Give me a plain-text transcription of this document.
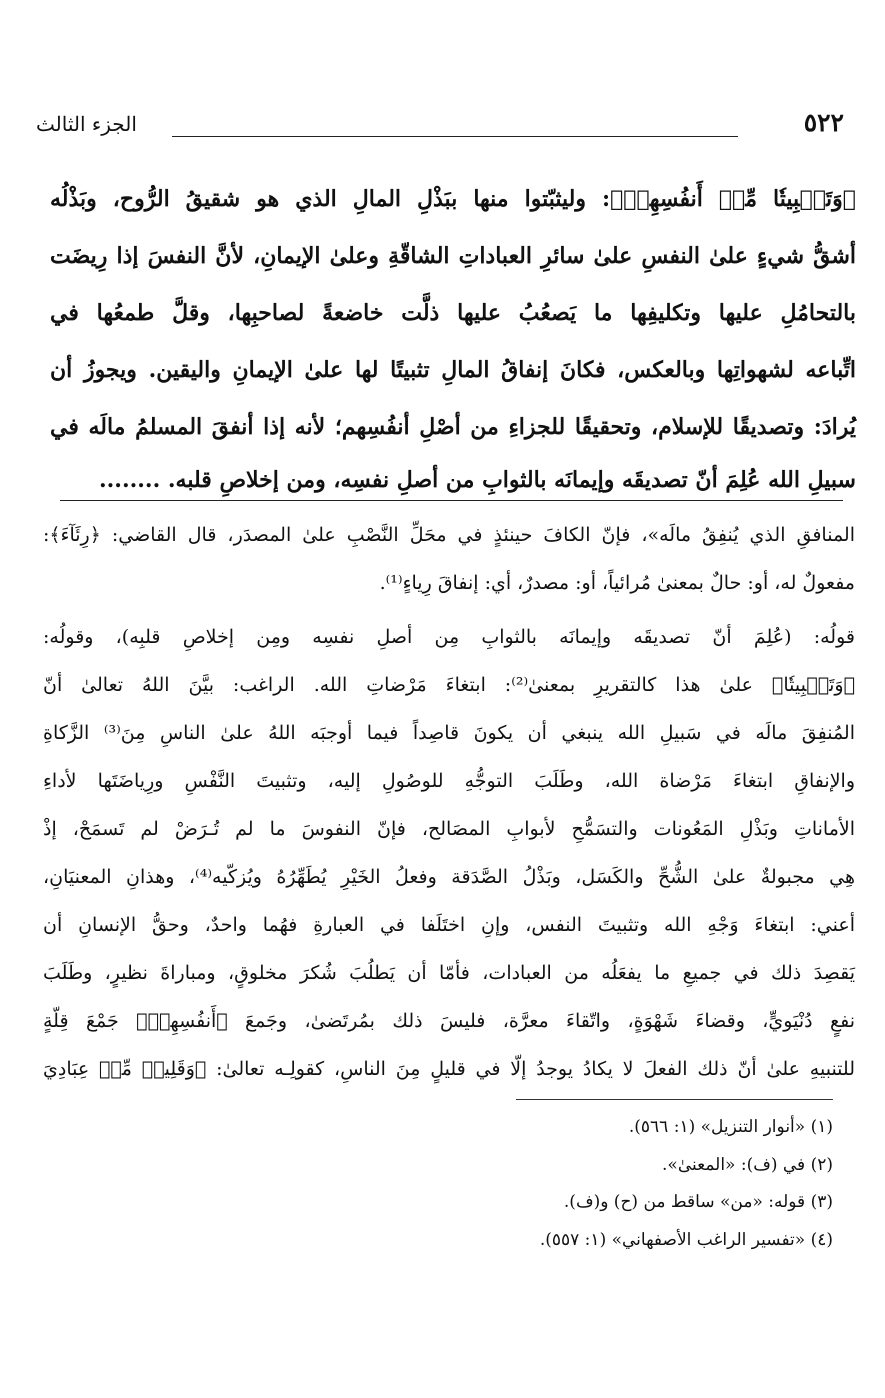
٥٢٢
الجزء الثالث
﴿وَتَثۡبِيتٗا مِّنۡ أَنفُسِهِمۡ﴾: وليثبّتوا منها ببَذْلِ المالِ الذي هو شقيقُ الرُّوح، وبَذْلُه
أشقُّ شيءٍ علىٰ النفسِ علىٰ سائرِ العباداتِ الشاقّةِ وعلىٰ الإيمانِ، لأنَّ النفسَ إذا رِيضَت
بالتحامُلِ عليها وتكليفِها ما يَصعُبُ عليها ذلَّت خاضعةً لصاحبِها، وقلَّ طمعُها في
اتِّباعه لشهواتِها وبالعكس، فكانَ إنفاقُ المالِ تثبيتًا لها علىٰ الإيمانِ واليقين. ويجوزُ أن
يُرادَ: وتصديقًا للإسلام، وتحقيقًا للجزاءِ من أصْلِ أنفُسِهم؛ لأنه إذا أنفقَ المسلمُ مالَه في
سبيلِ الله عُلِمَ أنّ تصديقَه وإيمانَه بالثوابِ من أصلِ نفسِه، ومن إخلاصِ قلبه. ........
المنافقِ الذي يُنفِقُ مالَه»، فإنّ الكافَ حينئذٍ في محَلِّ النَّصْبِ علىٰ المصدَر، قال القاضي: ﴿رِئَآءَ﴾:
مفعولٌ له، أو: حالٌ بمعنىٰ مُرائياً، أو: مصدرٌ، أي: إنفاقَ رِياءٍ⁽¹⁾.
قولُه: (عُلِمَ أنّ تصديقَه وإيمانَه بالثوابِ مِن أصلِ نفسِه ومِن إخلاصِ قلبِه)، وقولُه:
﴿وَتَثۡبِيتٗا﴾ علىٰ هذا كالتقريرِ بمعنىٰ⁽²⁾: ابتغاءَ مَرْضاتِ الله. الراغب: بيَّنَ اللهُ تعالىٰ أنّ
المُنفِقَ مالَه في سَبيلِ الله ينبغي أن يكونَ قاصِداً فيما أوجبَه اللهُ علىٰ الناسِ مِنَ⁽³⁾ الزَّكاةِ
والإنفاقِ ابتغاءَ مَرْضاة الله، وطَلَبَ التوجُّهِ للوصُولِ إليه، وتثبيتَ النَّفْسِ ورِياضَتَها لأداءِ
الأماناتِ وبَذْلِ المَعُونات والتسَمُّحِ لأبوابِ المصَالح، فإنّ النفوسَ ما لم تُـرَضْ لم تَسمَحْ، إذْ
هِي مجبولةٌ علىٰ الشُّحِّ والكَسَل، وبَذْلُ الصَّدَقة وفعلُ الخَيْرِ يُطَهِّرُهُ ويُزكّيه⁽⁴⁾، وهذانِ المعنيَانِ،
أعني: ابتغاءَ وَجْهِ الله وتثبيتَ النفس، وإنِ اختَلَفا في العبارةِ فهُما واحدٌ، وحقُّ الإنسانِ أن
يَقصِدَ ذلك في جميعِ ما يفعَلُه من العبادات، فأمّا أن يَطلُبَ شُكرَ مخلوقٍ، ومباراةَ نظيرٍ، وطَلَبَ
نفعٍ دُنْيَويٍّ، وقضاءَ شَهْوَةٍ، واتّقاءَ معرَّة، فليسَ ذلك بمُرتَضىٰ، وجَمعَ ﴿أَنفُسِهِمۡ﴾ جَمْعَ قِلّةٍ
للتنبيهِ علىٰ أنّ ذلك الفعلَ لا يكادُ يوجدُ إلّا في قليلٍ مِنَ الناسِ، كقولِـه تعالىٰ: ﴿وَقَلِيلٞ مِّنۡ عِبَادِيَ
(١) «أنوار التنزيل» (١: ٥٦٦).
(٢) في (ف): «المعنىٰ».
(٣) قوله: «من» ساقط من (ح) و(ف).
(٤) «تفسير الراغب الأصفهاني» (١: ٥٥٧).
